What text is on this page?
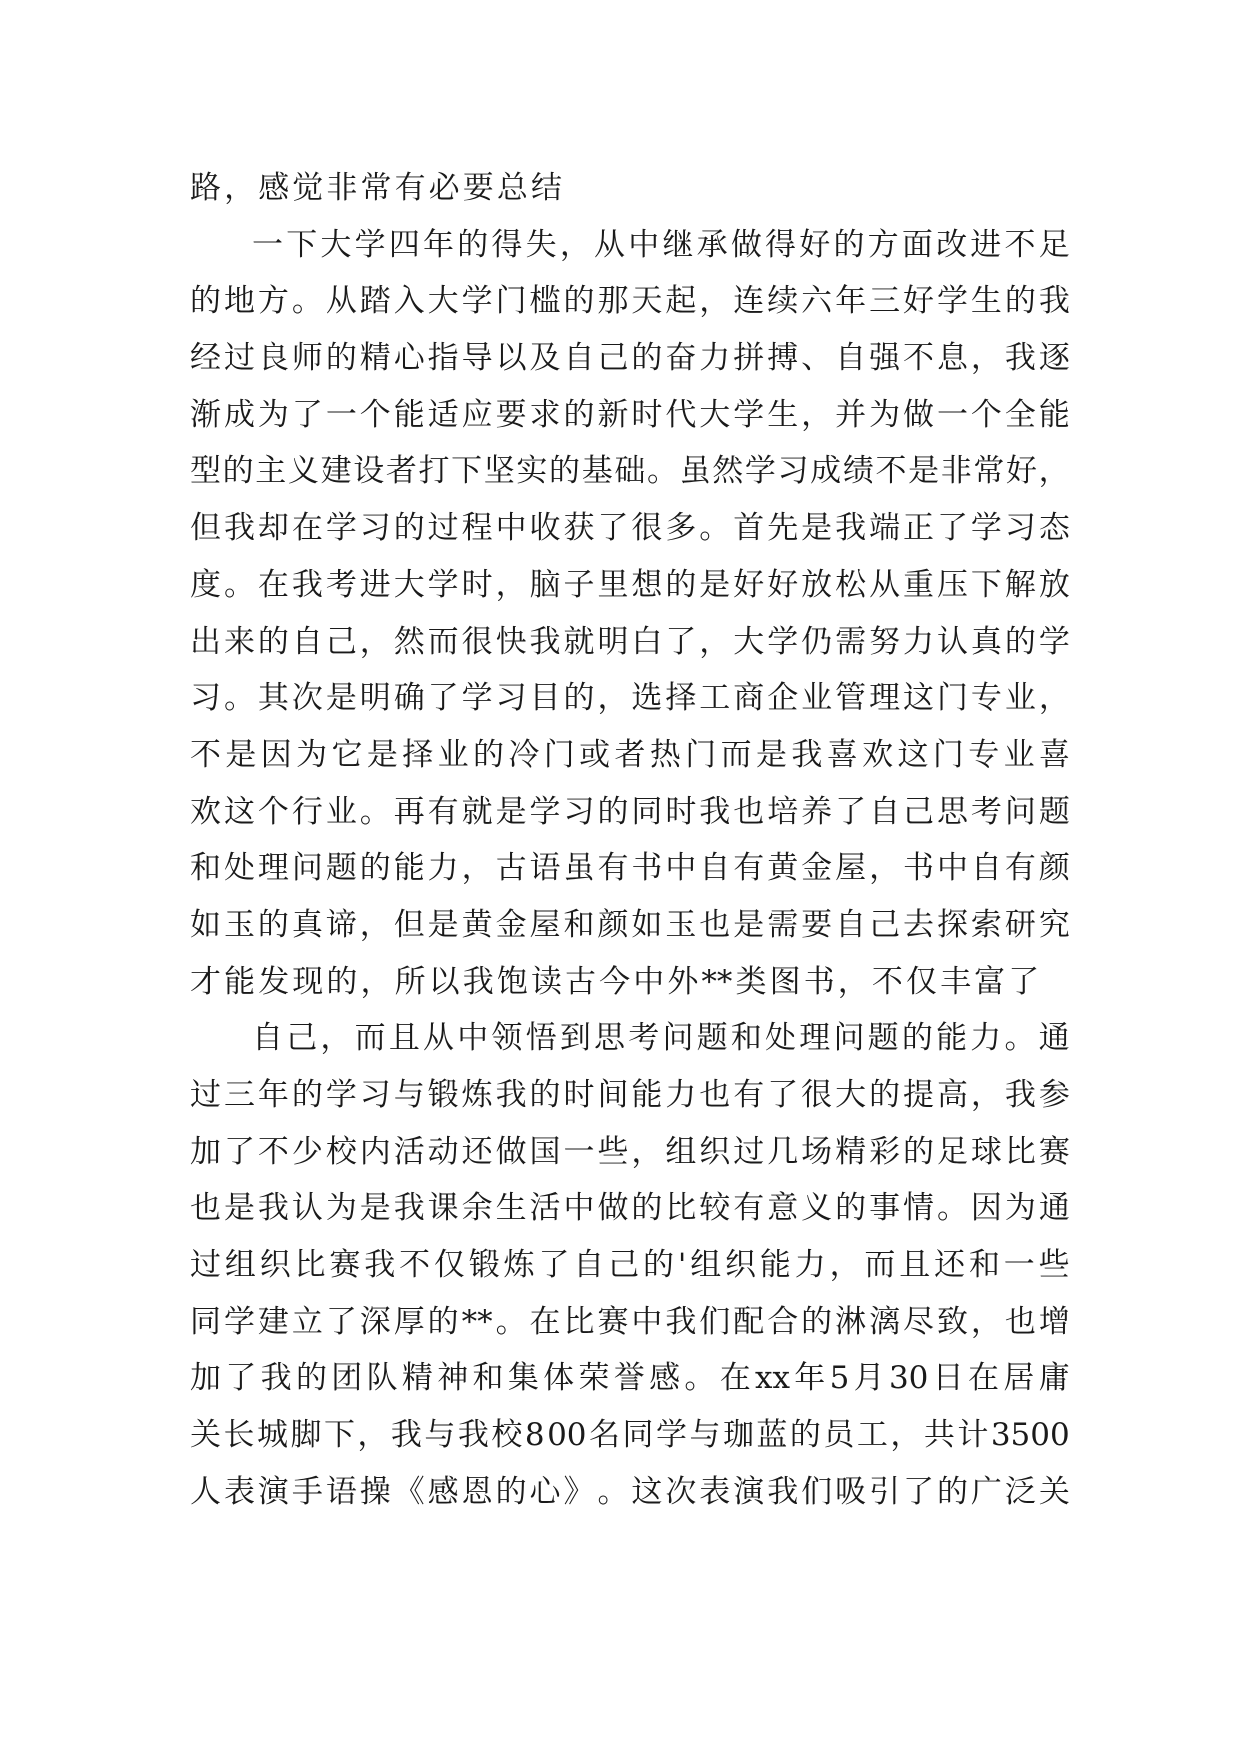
路 ， 感 觉 非 常 有 必 要 总 结
一 下 大 学 四 年 的 得 失 ， 从 中 继 承 做 得 好 的 方 面 改 进 不 足
的 地 方 。 从 踏 入 大 学 门 槛 的 那 天 起 ， 连 续 六 年 三 好 学 生 的 我
经 过 良 师 的 精 心 指 导 以 及 自 己 的 奋 力 拼 搏 、 自 强 不 息 ， 我 逐
渐 成 为 了 一 个 能 适 应 要 求 的 新 时 代 大 学 生 ， 并 为 做 一 个 全 能
型 的 主 义 建 设 者 打 下 坚 实 的 基 础 。 虽 然 学 习 成 绩 不 是 非 常 好 ，
但 我 却 在 学 习 的 过 程 中 收 获 了 很 多 。 首 先 是 我 端 正 了 学 习 态
度 。 在 我 考 进 大 学 时 ， 脑 子 里 想 的 是 好 好 放 松 从 重 压 下 解 放
出 来 的 自 己 ， 然 而 很 快 我 就 明 白 了 ， 大 学 仍 需 努 力 认 真 的 学
习 。 其 次 是 明 确 了 学 习 目 的 ， 选 择 工 商 企 业 管 理 这 门 专 业 ，
不 是 因 为 它 是 择 业 的 冷 门 或 者 热 门 而 是 我 喜 欢 这 门 专 业 喜
欢 这 个 行 业 。 再 有 就 是 学 习 的 同 时 我 也 培 养 了 自 己 思 考 问 题
和 处 理 问 题 的 能 力 ， 古 语 虽 有 书 中 自 有 黄 金 屋 ， 书 中 自 有 颜
如 玉 的 真 谛 ， 但 是 黄 金 屋 和 颜 如 玉 也 是 需 要 自 己 去 探 索 研 究
才 能 发 现 的 ， 所 以 我 饱 读 古 今 中 外 ** 类 图 书 ， 不 仅 丰 富 了
自 己 ， 而 且 从 中 领 悟 到 思 考 问 题 和 处 理 问 题 的 能 力 。 通
过 三 年 的 学 习 与 锻 炼 我 的 时 间 能 力 也 有 了 很 大 的 提 高 ， 我 参
加 了 不 少 校 内 活 动 还 做 国 一 些 ， 组 织 过 几 场 精 彩 的 足 球 比 赛
也 是 我 认 为 是 我 课 余 生 活 中 做 的 比 较 有 意 义 的 事 情 。 因 为 通
过 组 织 比 赛 我 不 仅 锻 炼 了 自 己 的 ' 组 织 能 力 ， 而 且 还 和 一 些
同 学 建 立 了 深 厚 的 ** 。 在 比 赛 中 我 们 配 合 的 淋 漓 尽 致 ， 也 增
加 了 我 的 团 队 精 神 和 集 体 荣 誉 感 。 在 xx 年 5 月 30 日 在 居 庸
关 长 城 脚 下 ， 我 与 我 校 8 00 名 同 学 与 珈 蓝 的 员 工 ， 共 计 3500
人 表 演 手 语 操 《 感 恩 的 心 》 。 这 次 表 演 我 们 吸 引 了 的 广 泛 关
